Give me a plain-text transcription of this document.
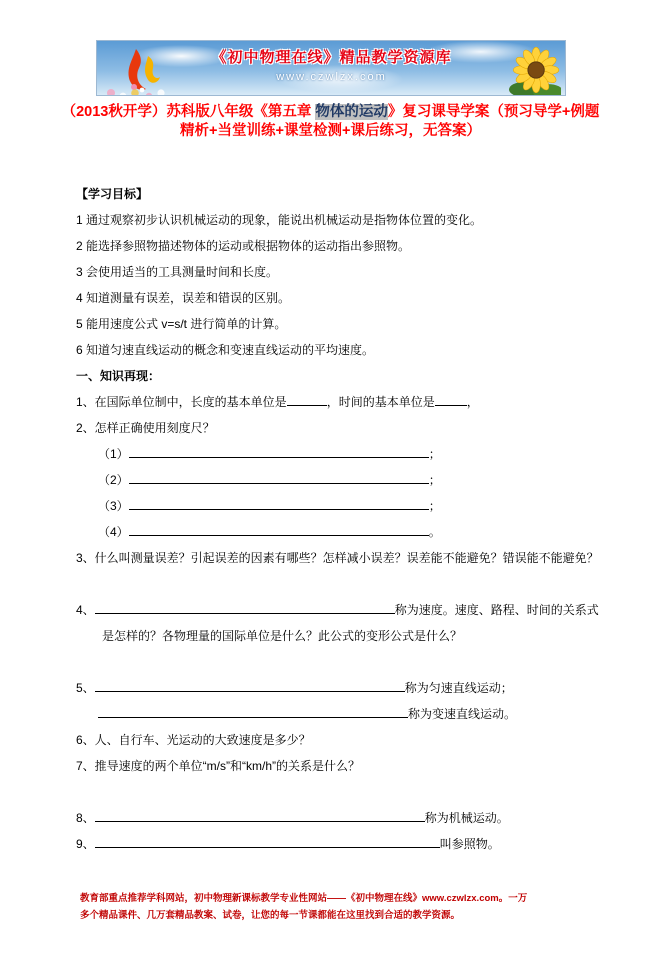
《初中物理在线》精品教学资源库
www.czwlzx.com
（2013秋开学）苏科版八年级《第五章 物体的运动》复习课导学案（预习导学+例题精析+当堂训练+课堂检测+课后练习，无答案）
【学习目标】
1 通过观察初步认识机械运动的现象，能说出机械运动是指物体位置的变化。
2 能选择参照物描述物体的运动或根据物体的运动指出参照物。
3 会使用适当的工具测量时间和长度。
4 知道测量有误差，误差和错误的区别。
5 能用速度公式 v=s/t 进行简单的计算。
6 知道匀速直线运动的概念和变速直线运动的平均速度。
一、知识再现：
1、在国际单位制中，长度的基本单位是	，时间的基本单位是	，
2、怎样正确使用刻度尺？
（1）	；
（2）	；
（3）	；
（4）	。
3、什么叫测量误差？引起误差的因素有哪些？怎样减小误差？误差能不能避免？错误能不能避免？
4、	称为速度。速度、路程、时间的关系式
是怎样的？各物理量的国际单位是什么？此公式的变形公式是什么？
5、	称为匀速直线运动；
称为变速直线运动。
6、人、自行车、光运动的大致速度是多少？
7、推导速度的两个单位“m/s”和“km/h”的关系是什么？
8、	称为机械运动。
9、	叫参照物。
教育部重点推荐学科网站，初中物理新课标教学专业性网站——《初中物理在线》www.czwlzx.com。一万多个精品课件、几万套精品教案、试卷，让您的每一节课都能在这里找到合适的教学资源。
